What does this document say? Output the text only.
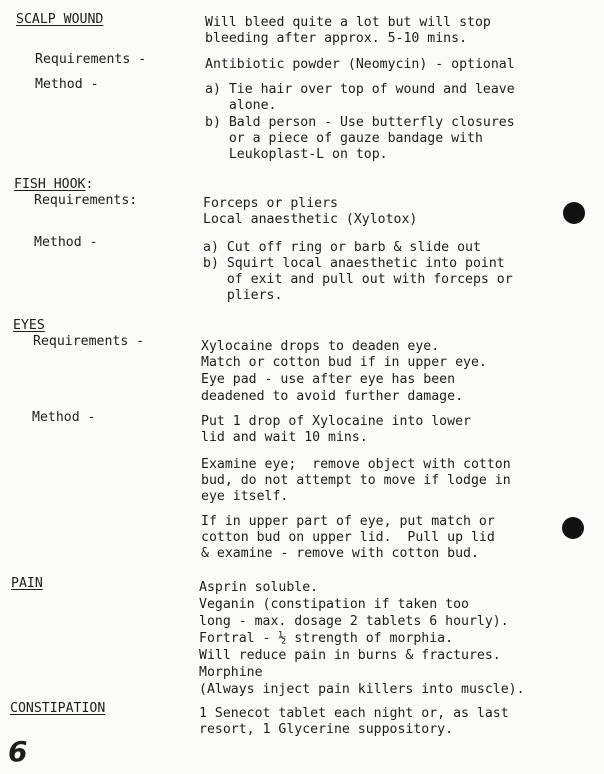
SCALP WOUND	Will bleed quite a lot but will stop
bleeding after approx. 5-10 mins.
Requirements -	Antibiotic powder (Neomycin) - optional
Method -	a) Tie hair over top of wound and leave
alone.
b) Bald person - Use butterfly closures
or a piece of gauze bandage with
Leukoplast-L on top.
FISH HOOK:
Requirements:	Forceps or pliers
Local anaesthetic (Xylotox)
Method -	a) Cut off ring or barb & slide out
b) Squirt local anaesthetic into point
of exit and pull out with forceps or
pliers.
EYES
Requirements -	Xylocaine drops to deaden eye.
Match or cotton bud if in upper eye.
Eye pad - use after eye has been
deadened to avoid further damage.
Method -	Put 1 drop of Xylocaine into lower
lid and wait 10 mins.
Examine eye;  remove object with cotton
bud, do not attempt to move if lodge in
eye itself.
If in upper part of eye, put match or
cotton bud on upper lid.  Pull up lid
& examine - remove with cotton bud.
PAIN	Asprin soluble.
Veganin (constipation if taken too
long - max. dosage 2 tablets 6 hourly).
Fortral - ½ strength of morphia.
Will reduce pain in burns & fractures.
Morphine
(Always inject pain killers into muscle).
CONSTIPATION	1 Senecot tablet each night or, as last
resort, 1 Glycerine suppository.
6
